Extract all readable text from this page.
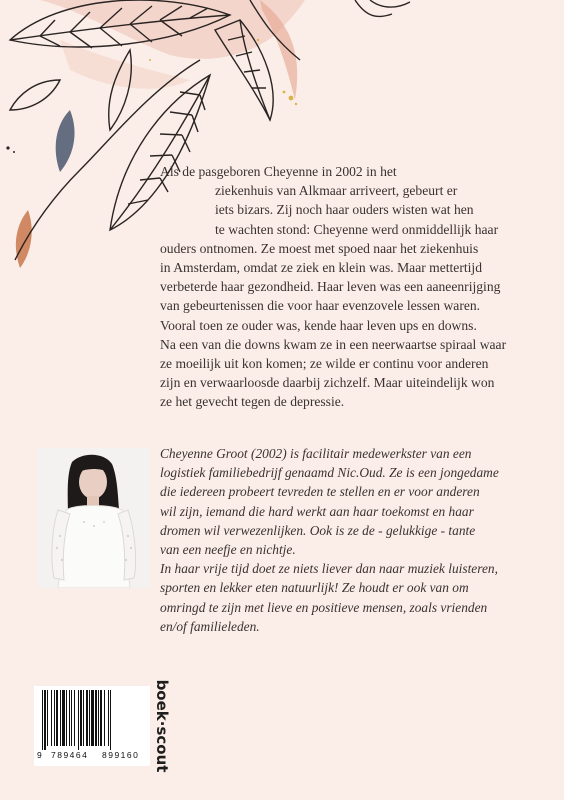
Als de pasgeboren Cheyenne in 2002 in het

ziekenhuis van Alkmaar arriveert, gebeurt er

iets bizars. Zij noch haar ouders wisten wat hen

te wachten stond: Cheyenne werd onmiddellijk haar

ouders ontnomen. Ze moest met spoed naar het ziekenhuis

in Amsterdam, omdat ze ziek en klein was. Maar mettertijd

verbeterde haar gezondheid. Haar leven was een aaneenrijging

van gebeurtenissen die voor haar evenzovele lessen waren.

Vooral toen ze ouder was, kende haar leven ups en downs.

Na een van die downs kwam ze in een neerwaartse spiraal waar

ze moeilijk uit kon komen; ze wilde er continu voor anderen

zijn en verwaarloosde daarbij zichzelf. Maar uiteindelijk won

ze het gevecht tegen de depressie.

Cheyenne Groot (2002) is facilitair medewerkster van een

logistiek familiebedrijf genaamd Nic.Oud. Ze is een jongedame

die iedereen probeert tevreden te stellen en er voor anderen

wil zijn, iemand die hard werkt aan haar toekomst en haar

dromen wil verwezenlijken. Ook is ze de - gelukkige - tante

van een neefje en nichtje.

In haar vrije tijd doet ze niets liever dan naar muziek luisteren,

sporten en lekker eten natuurlijk! Ze houdt er ook van om

omringd te zijn met lieve en positieve mensen, zoals vrienden

en/of familieleden.

9 789464 899160 boek·scout
